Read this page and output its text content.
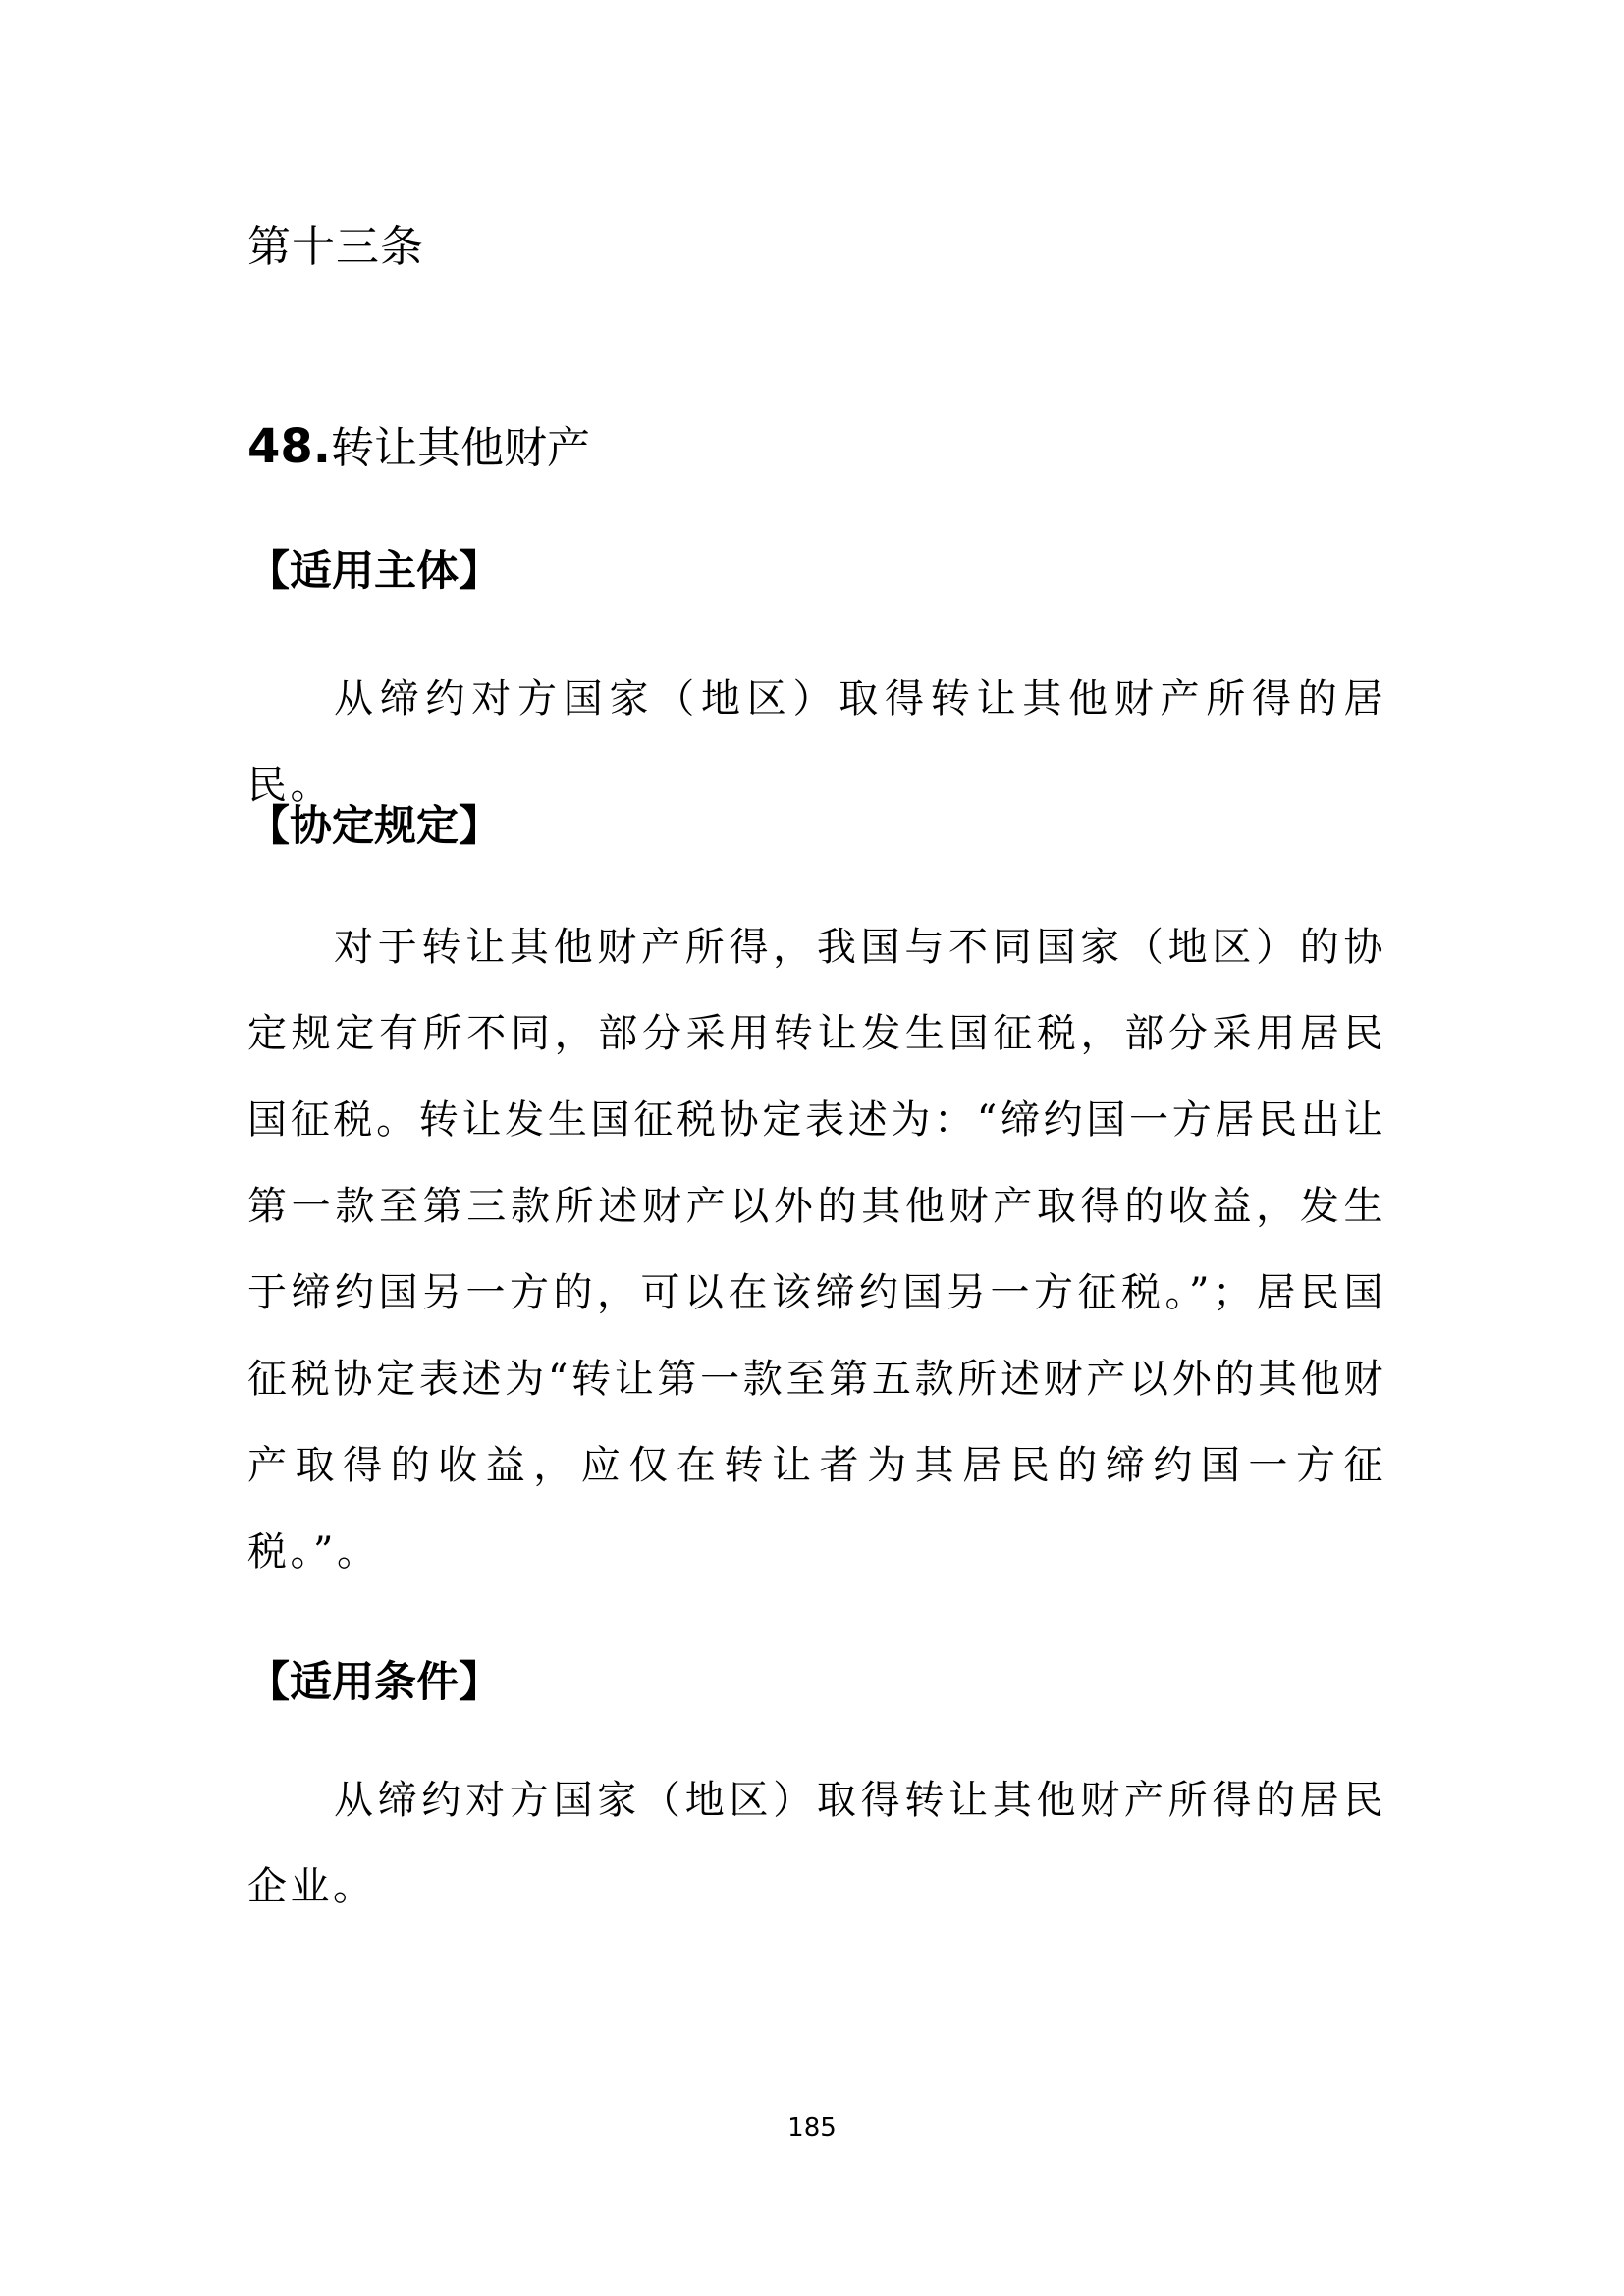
第十三条
48.转让其他财产
【适用主体】

从缔约对方国家（地区）取得转让其他财产所得的居民。

【协定规定】

对于转让其他财产所得，我国与不同国家（地区）的协定规定有所不同，部分采用转让发生国征税，部分采用居民国征税。转让发生国征税协定表述为：“缔约国一方居民出让第一款至第三款所述财产以外的其他财产取得的收益，发生于缔约国另一方的，可以在该缔约国另一方征税。”；居民国征税协定表述为“转让第一款至第五款所述财产以外的其他财产取得的收益，应仅在转让者为其居民的缔约国一方征税。”。

【适用条件】

从缔约对方国家（地区）取得转让其他财产所得的居民企业。

185
